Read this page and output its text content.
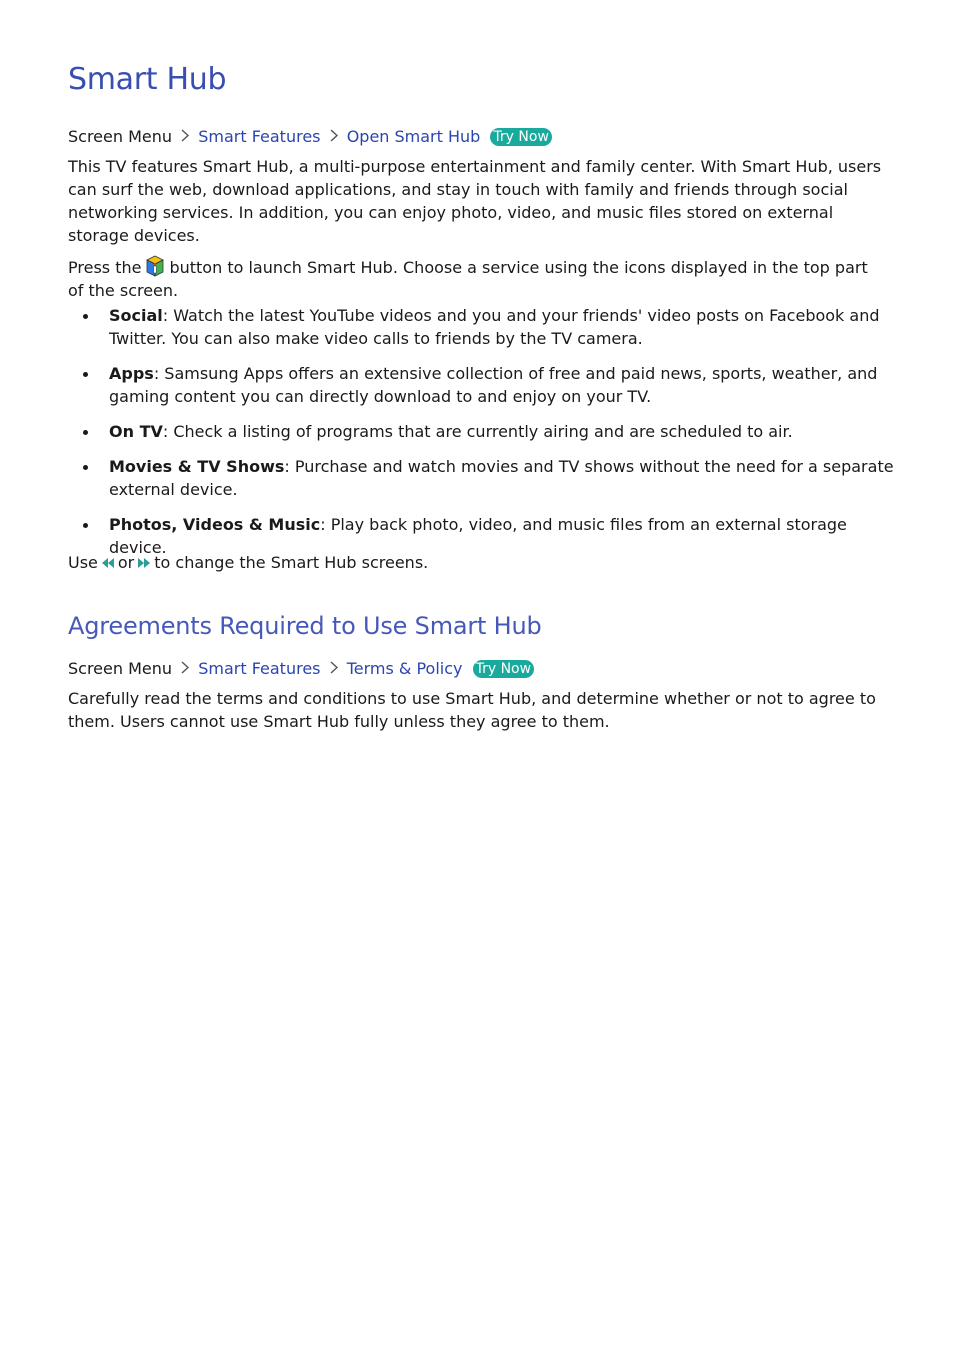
Smart Hub
Screen Menu Smart Features Open Smart Hub Try Now

This TV features Smart Hub, a multi-purpose entertainment and family center. With Smart Hub, users can surf the web, download applications, and stay in touch with family and friends through social networking services. In addition, you can enjoy photo, video, and music files stored on external storage devices.

Press the button to launch Smart Hub. Choose a service using the icons displayed in the top part of the screen.

Social: Watch the latest YouTube videos and you and your friends' video posts on Facebook and Twitter. You can also make video calls to friends by the TV camera.
Apps: Samsung Apps offers an extensive collection of free and paid news, sports, weather, and gaming content you can directly download to and enjoy on your TV.
On TV: Check a listing of programs that are currently airing and are scheduled to air.
Movies & TV Shows: Purchase and watch movies and TV shows without the need for a separate external device.
Photos, Videos & Music: Play back photo, video, and music files from an external storage device.

Use or to change the Smart Hub screens.

Agreements Required to Use Smart Hub
Screen Menu Smart Features Terms & Policy Try Now

Carefully read the terms and conditions to use Smart Hub, and determine whether or not to agree to them. Users cannot use Smart Hub fully unless they agree to them.
